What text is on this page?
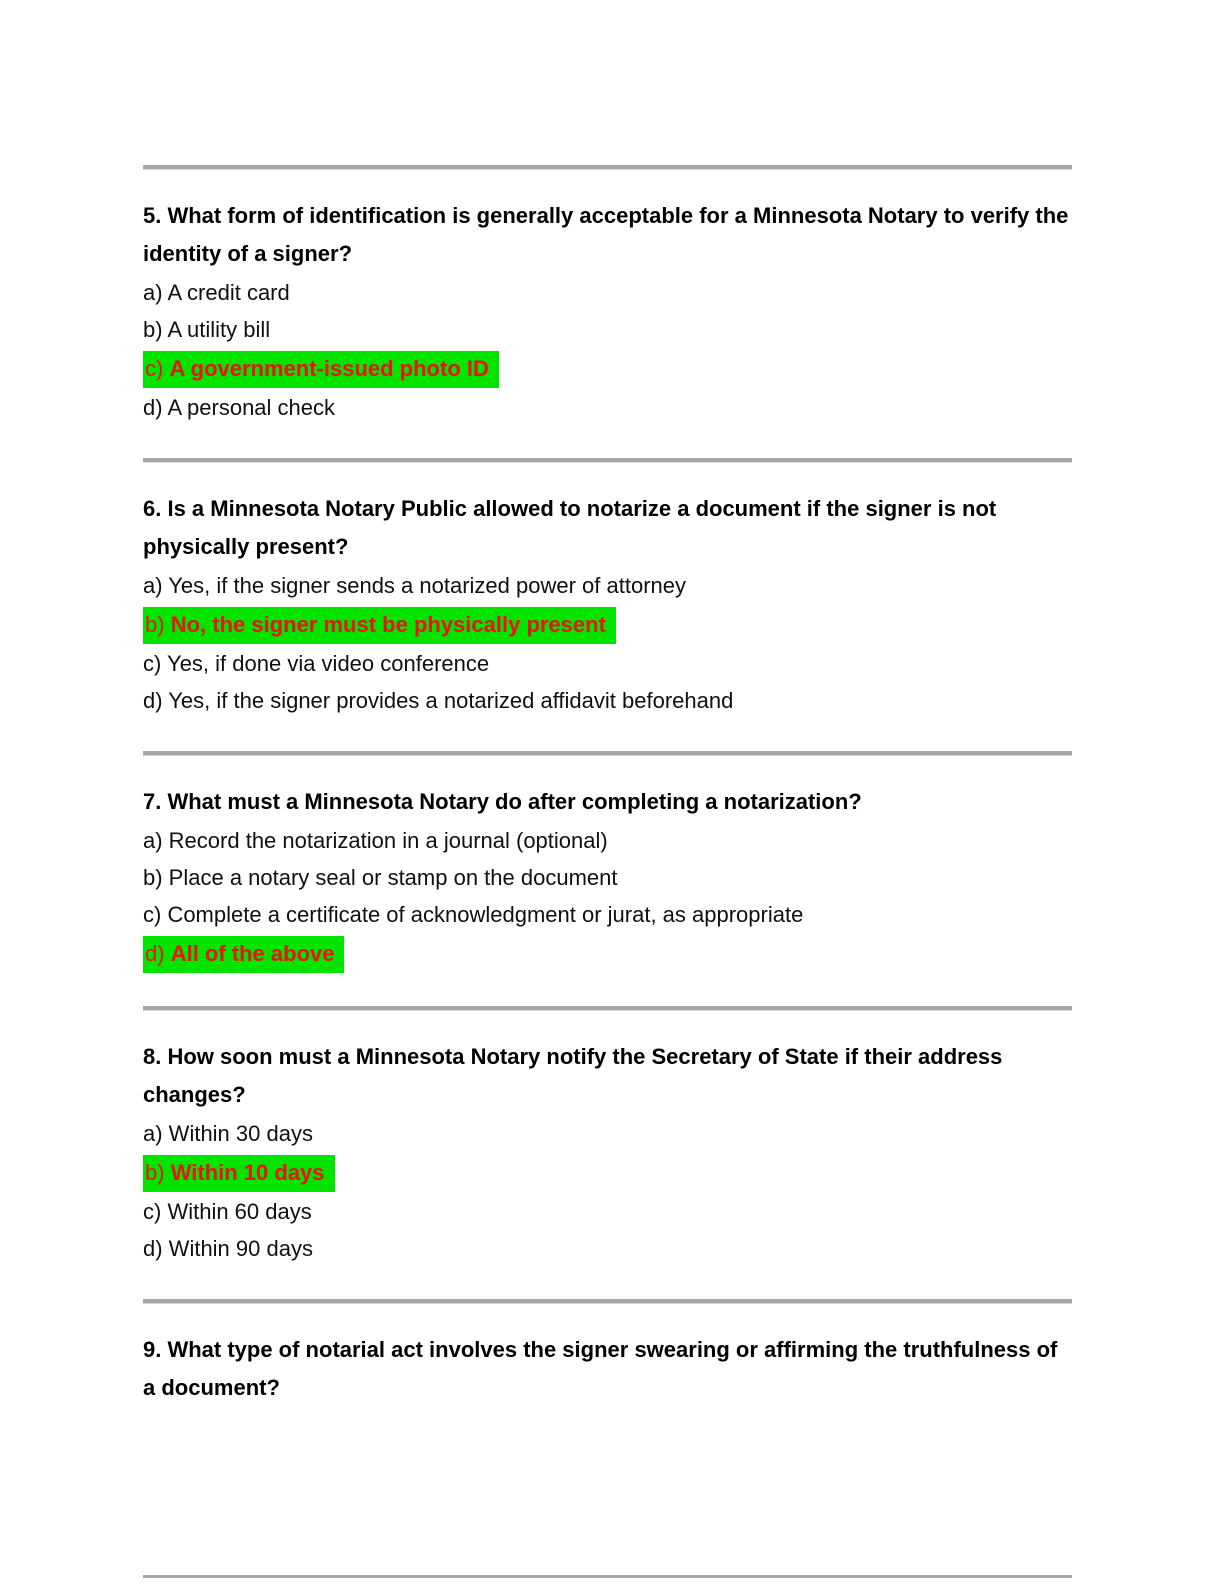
5. What form of identification is generally acceptable for a Minnesota Notary to verify the identity of a signer?
a) A credit card
b) A utility bill
c) A government-issued photo ID
d) A personal check
6. Is a Minnesota Notary Public allowed to notarize a document if the signer is not physically present?
a) Yes, if the signer sends a notarized power of attorney
b) No, the signer must be physically present
c) Yes, if done via video conference
d) Yes, if the signer provides a notarized affidavit beforehand
7. What must a Minnesota Notary do after completing a notarization?
a) Record the notarization in a journal (optional)
b) Place a notary seal or stamp on the document
c) Complete a certificate of acknowledgment or jurat, as appropriate
d) All of the above
8. How soon must a Minnesota Notary notify the Secretary of State if their address changes?
a) Within 30 days
b) Within 10 days
c) Within 60 days
d) Within 90 days
9. What type of notarial act involves the signer swearing or affirming the truthfulness of a document?
